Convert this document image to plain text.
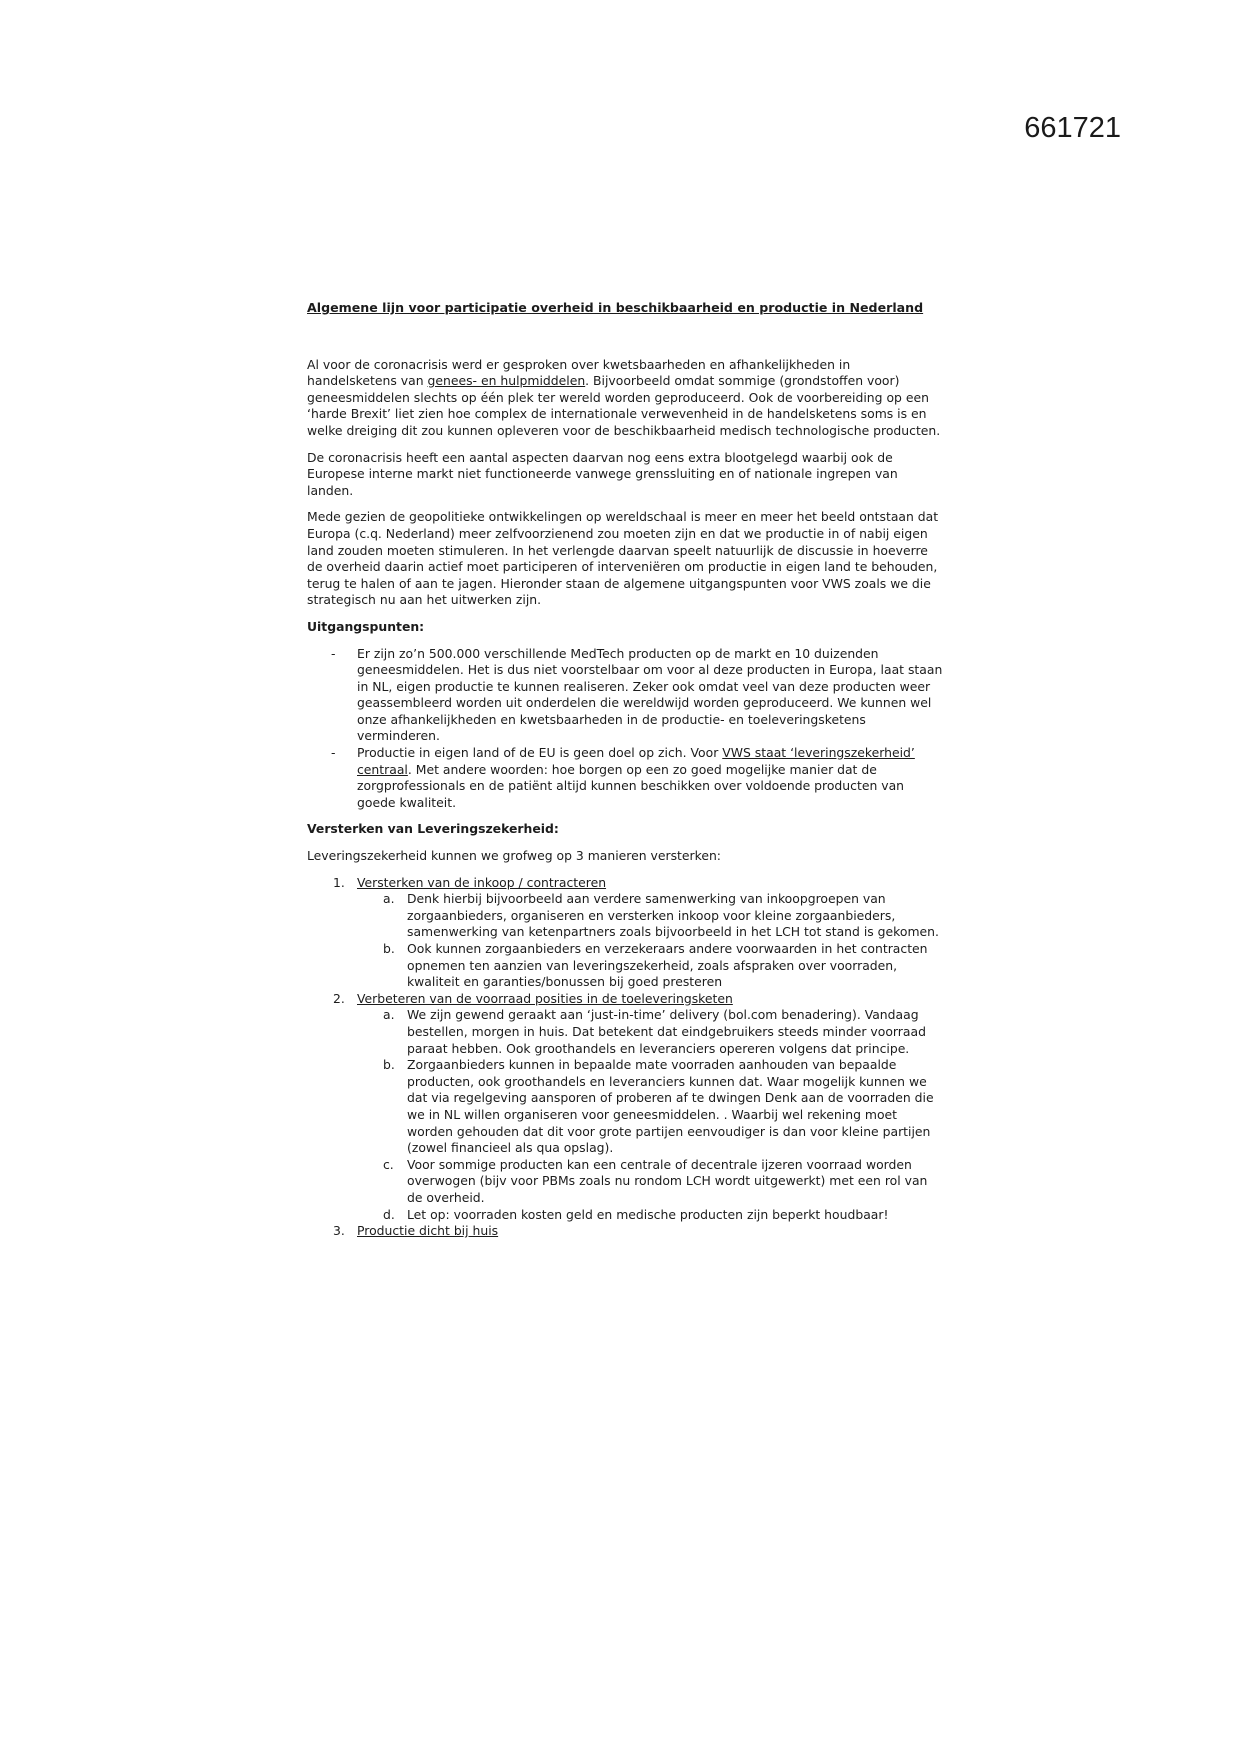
661721
Algemene lijn voor participatie overheid in beschikbaarheid en productie in Nederland

Al voor de coronacrisis werd er gesproken over kwetsbaarheden en afhankelijkheden in handelsketens van genees- en hulpmiddelen. Bijvoorbeeld omdat sommige (grondstoffen voor) geneesmiddelen slechts op één plek ter wereld worden geproduceerd. Ook de voorbereiding op een ‘harde Brexit’ liet zien hoe complex de internationale verwevenheid in de handelsketens soms is en welke dreiging dit zou kunnen opleveren voor de beschikbaarheid medisch technologische producten.

De coronacrisis heeft een aantal aspecten daarvan nog eens extra blootgelegd waarbij ook de Europese interne markt niet functioneerde vanwege grenssluiting en of nationale ingrepen van landen.

Mede gezien de geopolitieke ontwikkelingen op wereldschaal is meer en meer het beeld ontstaan dat Europa (c.q. Nederland) meer zelfvoorzienend zou moeten zijn en dat we productie in of nabij eigen land zouden moeten stimuleren. In het verlengde daarvan speelt natuurlijk de discussie in hoeverre de overheid daarin actief moet participeren of interveniëren om productie in eigen land te behouden, terug te halen of aan te jagen. Hieronder staan de algemene uitgangspunten voor VWS zoals we die strategisch nu aan het uitwerken zijn.

Uitgangspunten:
- Er zijn zo’n 500.000 verschillende MedTech producten op de markt en 10 duizenden geneesmiddelen. Het is dus niet voorstelbaar om voor al deze producten in Europa, laat staan in NL, eigen productie te kunnen realiseren. Zeker ook omdat veel van deze producten weer geassembleerd worden uit onderdelen die wereldwijd worden geproduceerd. We kunnen wel onze afhankelijkheden en kwetsbaarheden in de productie- en toeleveringsketens verminderen.
- Productie in eigen land of de EU is geen doel op zich. Voor VWS staat ‘leveringszekerheid’ centraal. Met andere woorden: hoe borgen op een zo goed mogelijke manier dat de zorgprofessionals en de patiënt altijd kunnen beschikken over voldoende producten van goede kwaliteit.
Versterken van Leveringszekerheid:

Leveringszekerheid kunnen we grofweg op 3 manieren versterken:

1. Versterken van de inkoop / contracteren
a. Denk hierbij bijvoorbeeld aan verdere samenwerking van inkoopgroepen van zorgaanbieders, organiseren en versterken inkoop voor kleine zorgaanbieders, samenwerking van ketenpartners zoals bijvoorbeeld in het LCH tot stand is gekomen.
b. Ook kunnen zorgaanbieders en verzekeraars andere voorwaarden in het contracten opnemen ten aanzien van leveringszekerheid, zoals afspraken over voorraden, kwaliteit en garanties/bonussen bij goed presteren
2. Verbeteren van de voorraad posities in de toeleveringsketen
a. We zijn gewend geraakt aan ‘just-in-time’ delivery (bol.com benadering). Vandaag bestellen, morgen in huis. Dat betekent dat eindgebruikers steeds minder voorraad paraat hebben. Ook groothandels en leveranciers opereren volgens dat principe.
b. Zorgaanbieders kunnen in bepaalde mate voorraden aanhouden van bepaalde producten, ook groothandels en leveranciers kunnen dat. Waar mogelijk kunnen we dat via regelgeving aansporen of proberen af te dwingen Denk aan de voorraden die we in NL willen organiseren voor geneesmiddelen. . Waarbij wel rekening moet worden gehouden dat dit voor grote partijen eenvoudiger is dan voor kleine partijen (zowel financieel als qua opslag).
c. Voor sommige producten kan een centrale of decentrale ijzeren voorraad worden overwogen (bijv voor PBMs zoals nu rondom LCH wordt uitgewerkt) met een rol van de overheid.
d. Let op: voorraden kosten geld en medische producten zijn beperkt houdbaar!
3. Productie dicht bij huis
